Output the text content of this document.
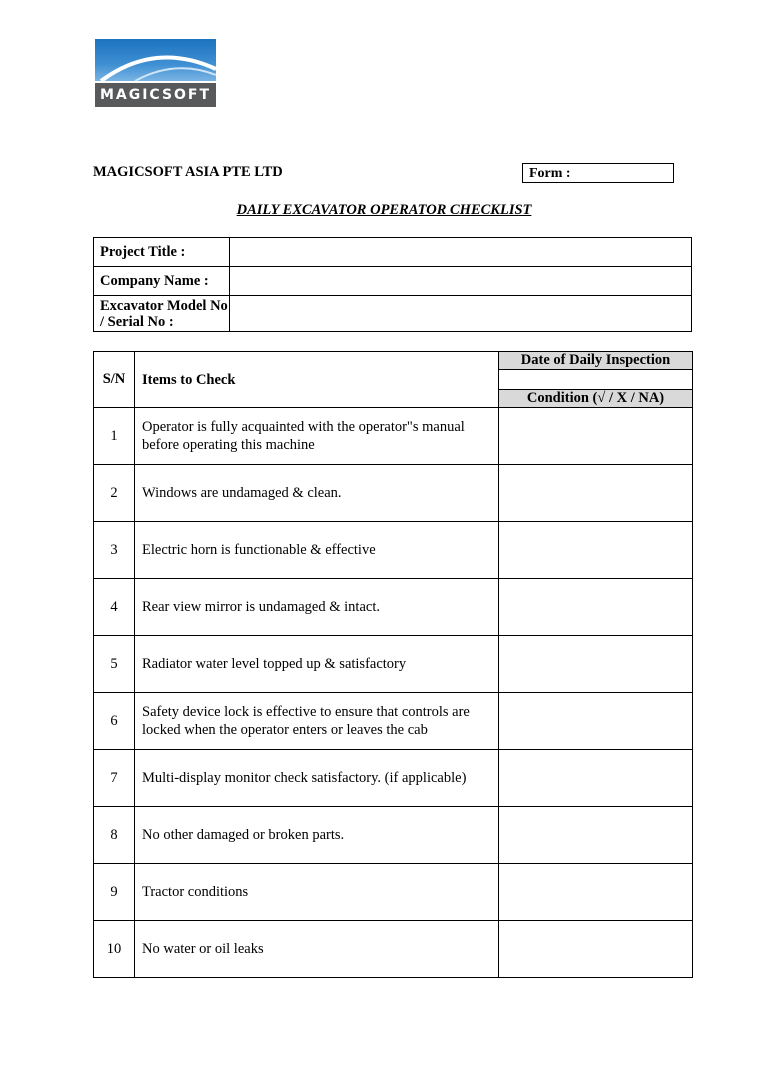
MAGICSOFT
MAGICSOFT ASIA PTE LTD	Form :
DAILY EXCAVATOR OPERATOR CHECKLIST
Project Title :	
Company Name :	
Excavator Model No / Serial No :	
S/N	Items to Check	Date of Daily Inspection

		Condition (√ / X / NA)
1	Operator is fully acquainted with the operator"s manual before operating this machine	
2	Windows are undamaged & clean.	
3	Electric horn is functionable & effective	
4	Rear view mirror is undamaged & intact.	
5	Radiator water level topped up & satisfactory	
6	Safety device lock is effective to ensure that controls are locked when the operator enters or leaves the cab	
7	Multi-display monitor check satisfactory. (if applicable)	
8	No other damaged or broken parts.	
9	Tractor conditions	
10	No water or oil leaks	
